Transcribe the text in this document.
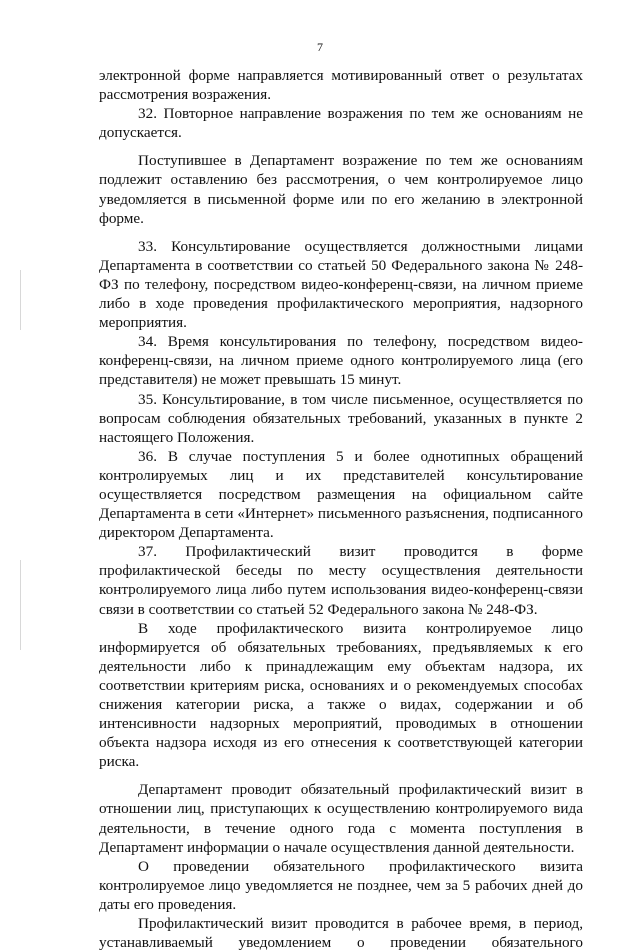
7

электронной форме направляется мотивированный ответ о результатах рассмотрения возражения.

32. Повторное направление возражения по тем же основаниям не допускается.

Поступившее в Департамент возражение по тем же основаниям подлежит оставлению без рассмотрения, о чем контролируемое лицо уведомляется в письменной форме или по его желанию в электронной форме.

33. Консультирование осуществляется должностными лицами Департамента в соответствии со статьей 50 Федерального закона № 248-ФЗ по телефону, посредством видео-конференц-связи, на личном приеме либо в ходе проведения профилактического мероприятия, надзорного мероприятия.

34. Время консультирования по телефону, посредством видео-конференц-связи, на личном приеме одного контролируемого лица (его представителя) не может превышать 15 минут.

35. Консультирование, в том числе письменное, осуществляется по вопросам соблюдения обязательных требований, указанных в пункте 2 настоящего Положения.

36. В случае поступления 5 и более однотипных обращений контролируемых лиц и их представителей консультирование осуществляется посредством размещения на официальном сайте Департамента в сети «Интернет» письменного разъяснения, подписанного директором Департамента.

37. Профилактический визит проводится в форме профилактической беседы по месту осуществления деятельности контролируемого лица либо путем использования видео-конференц-связи связи в соответствии со статьей 52 Федерального закона № 248-ФЗ.

В ходе профилактического визита контролируемое лицо информируется об обязательных требованиях, предъявляемых к его деятельности либо к принадлежащим ему объектам надзора, их соответствии критериям риска, основаниях и о рекомендуемых способах снижения категории риска, а также о видах, содержании и об интенсивности надзорных мероприятий, проводимых в отношении объекта надзора исходя из его отнесения к соответствующей категории риска.

Департамент проводит обязательный профилактический визит в отношении лиц, приступающих к осуществлению контролируемого вида деятельности, в течение одного года с момента поступления в Департамент информации о начале осуществления данной деятельности.

О проведении обязательного профилактического визита контролируемое лицо уведомляется не позднее, чем за 5 рабочих дней до даты его проведения.

Профилактический визит проводится в рабочее время, в период, устанавливаемый уведомлением о проведении обязательного
